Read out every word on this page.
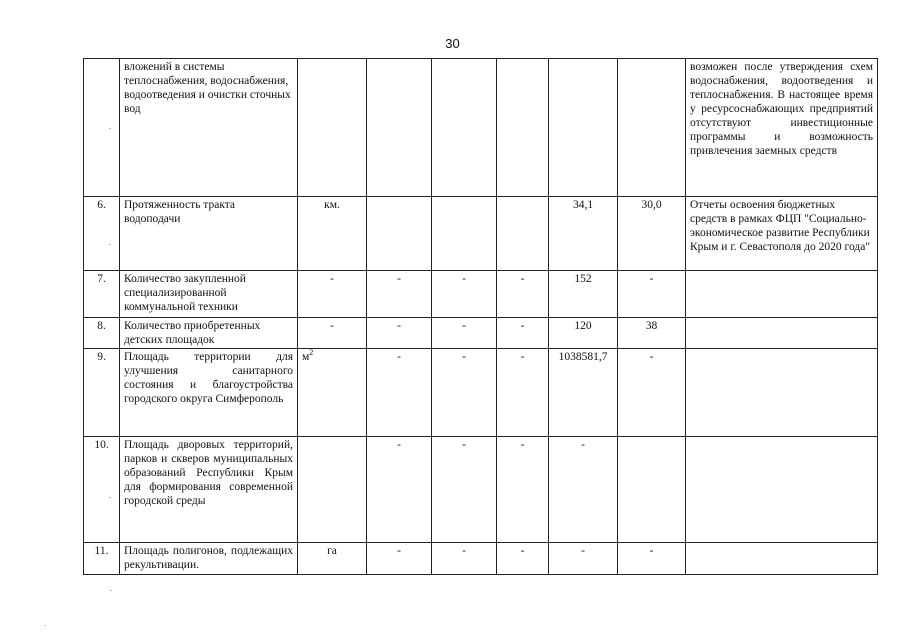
30
	вложений в системы теплоснабжения, водоснабжения, водоотведения и очистки сточных вод							возможен после утверждения схем водоснабжения, водоотведения и теплоснабжения. В настоящее время у ресурсоснабжающих предприятий отсутствуют инвестиционные программы и возможность привлечения заемных средств
6.	Протяженность тракта водоподачи	км.				34,1	30,0	Отчеты освоения бюджетных средств в рамках ФЦП "Социально-экономическое развитие Республики Крым и г. Севастополя до 2020 года"
7.	Количество закупленной специализированной коммунальной техники	-	-	-	-	152	-	
8.	Количество приобретенных детских площадок	-	-	-	-	120	38	
9.	Площадь территории для улучшения санитарного состояния и благоустройства городского округа Симферополь	$м^2$	-	-	-	1038581,7	-	
10.	Площадь дворовых территорий, парков и скверов муниципальных образований Республики Крым для формирования современной городской среды		-	-	-	-		
11.	Площадь полигонов, подлежащих рекультивации.	га	-	-	-	-	-	
